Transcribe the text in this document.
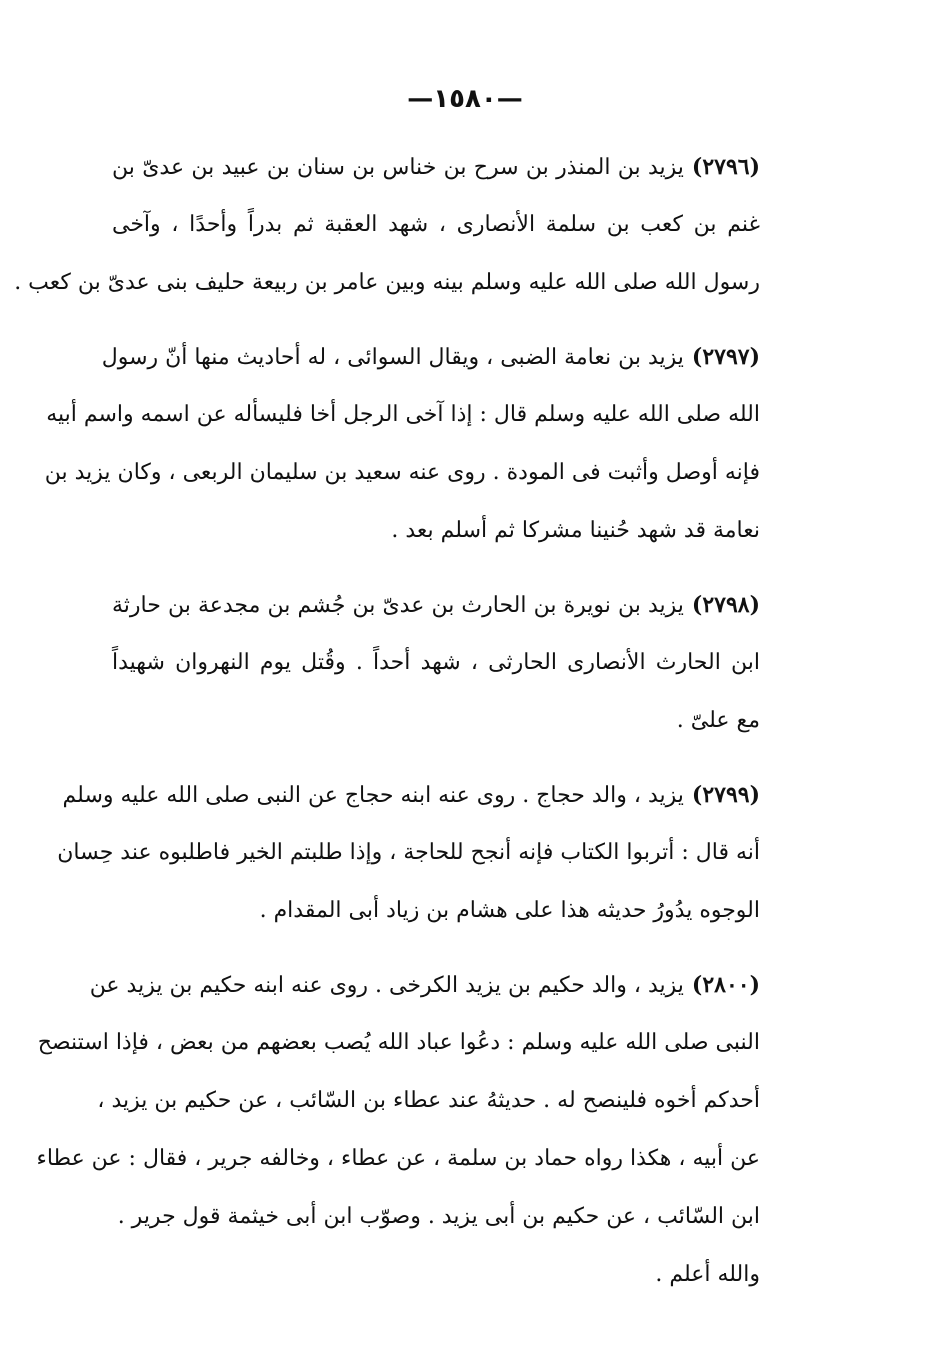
—١٥٨٠—
(٢٧٩٦)يزيد بن المنذر بن سرح بن خناس بن سنان بن عبيد بن عدىّ بن
غنم بن كعب بن سلمة الأنصارى ، شهد العقبة ثم بدراً وأحدًا ، وآخى
رسول الله صلى الله عليه وسلم بينه وبين عامر بن ربيعة حليف بنى عدىّ بن كعب .
(٢٧٩٧)يزيد بن نعامة الضبى ، ويقال السوائى ، له أحاديث منها أنّ رسول
الله صلى الله عليه وسلم قال : إذا آخى الرجل أخا فليسأله عن اسمه واسم أبيه
فإنه أوصل وأثبت فى المودة . روى عنه سعيد بن سليمان الربعى ، وكان يزيد بن
نعامة قد شهد حُنينا مشركا ثم أسلم بعد .
(٢٧٩٨)يزيد بن نويرة بن الحارث بن عدىّ بن جُشم بن مجدعة بن حارثة
ابن الحارث الأنصارى الحارثى ، شهد أحداً . وقُتل يوم النهروان شهيداً
مع علىّ .
(٢٧٩٩)يزيد ، والد حجاج . روى عنه ابنه حجاج عن النبى صلى الله عليه وسلم
أنه قال : أتربوا الكتاب فإنه أنجح للحاجة ، وإذا طلبتم الخير فاطلبوه عند حِسان
الوجوه يدُورُ حديثه هذا على هشام بن زياد أبى المقدام .
(٢٨٠٠)يزيد ، والد حكيم بن يزيد الكرخى . روى عنه ابنه حكيم بن يزيد عن
النبى صلى الله عليه وسلم : دعُوا عباد الله يُصب بعضهم من بعض ، فإذا استنصح
أحدكم أخوه فلينصح له . حديثهُ عند عطاء بن السّائب ، عن حكيم بن يزيد ،
عن أبيه ، هكذا رواه حماد بن سلمة ، عن عطاء ، وخالفه جرير ، فقال : عن عطاء
ابن السّائب ، عن حكيم بن أبى يزيد . وصوّب ابن أبى خيثمة قول جرير .
والله أعلم .
